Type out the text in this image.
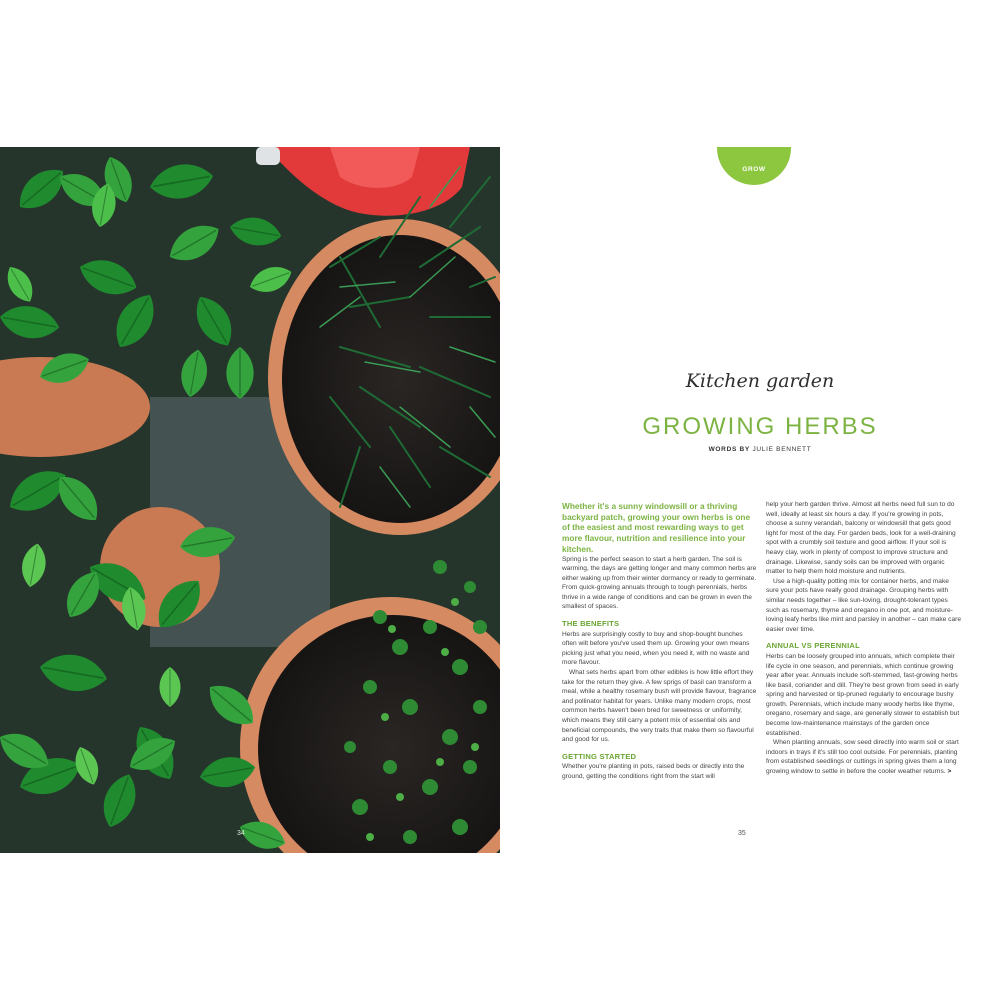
34
GROW
Kitchen garden
GROWING HERBS
WORDS BY JULIE BENNETT

Whether it's a sunny windowsill or a thriving backyard patch, growing your own herbs is one of the easiest and most rewarding ways to get more flavour, nutrition and resilience into your kitchen.

Spring is the perfect season to start a herb garden. The soil is warming, the days are getting longer and many common herbs are either waking up from their winter dormancy or ready to germinate. From quick-growing annuals through to tough perennials, herbs thrive in a wide range of conditions and can be grown in even the smallest of spaces.

THE BENEFITS

Herbs are surprisingly costly to buy and shop-bought bunches often wilt before you've used them up. Growing your own means picking just what you need, when you need it, with no waste and more flavour.

What sets herbs apart from other edibles is how little effort they take for the return they give. A few sprigs of basil can transform a meal, while a healthy rosemary bush will provide flavour, fragrance and pollinator habitat for years. Unlike many modern crops, most common herbs haven't been bred for sweetness or uniformity, which means they still carry a potent mix of essential oils and beneficial compounds, the very traits that make them so flavourful and good for us.

GETTING STARTED

Whether you're planting in pots, raised beds or directly into the ground, getting the conditions right from the start will

help your herb garden thrive. Almost all herbs need full sun to do well, ideally at least six hours a day. If you're growing in pots, choose a sunny verandah, balcony or windowsill that gets good light for most of the day. For garden beds, look for a well-draining spot with a crumbly soil texture and good airflow. If your soil is heavy clay, work in plenty of compost to improve structure and drainage. Likewise, sandy soils can be improved with organic matter to help them hold moisture and nutrients.

Use a high-quality potting mix for container herbs, and make sure your pots have really good drainage. Grouping herbs with similar needs together – like sun-loving, drought-tolerant types such as rosemary, thyme and oregano in one pot, and moisture-loving leafy herbs like mint and parsley in another – can make care easier over time.

ANNUAL VS PERENNIAL

Herbs can be loosely grouped into annuals, which complete their life cycle in one season, and perennials, which continue growing year after year. Annuals include soft-stemmed, fast-growing herbs like basil, coriander and dill. They're best grown from seed in early spring and harvested or tip-pruned regularly to encourage bushy growth. Perennials, which include many woody herbs like thyme, oregano, rosemary and sage, are generally slower to establish but become low-maintenance mainstays of the garden once established.

When planting annuals, sow seed directly into warm soil or start indoors in trays if it's still too cool outside. For perennials, planting from established seedlings or cuttings in spring gives them a long growing window to settle in before the cooler weather returns. >

35
